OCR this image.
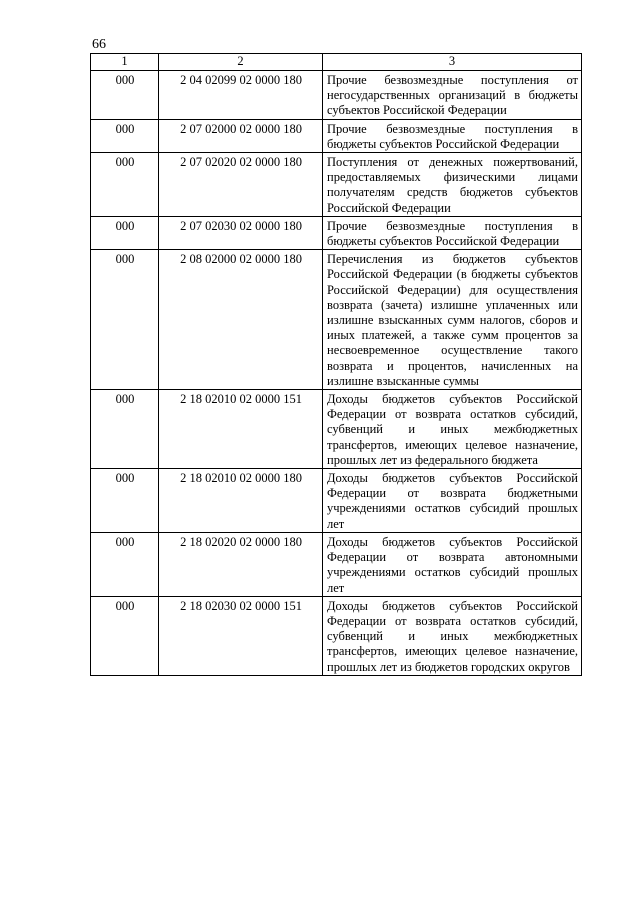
66
1	2	3
000	2 04 02099 02 0000 180	Прочие безвозмездные поступления от негосударственных организаций в бюджеты субъектов Российской Федерации
000	2 07 02000 02 0000 180	Прочие безвозмездные поступления в бюджеты субъектов Российской Федерации
000	2 07 02020 02 0000 180	Поступления от денежных пожертвований, предоставляемых физическими лицами получателям средств бюджетов субъектов Российской Федерации
000	2 07 02030 02 0000 180	Прочие безвозмездные поступления в бюджеты субъектов Российской Федерации
000	2 08 02000 02 0000 180	Перечисления из бюджетов субъектов Российской Федерации (в бюджеты субъектов Российской Федерации) для осуществления возврата (зачета) излишне уплаченных или излишне взысканных сумм налогов, сборов и иных платежей, а также сумм процентов за несвоевременное осуществление такого возврата и процентов, начисленных на излишне взысканные суммы
000	2 18 02010 02 0000 151	Доходы бюджетов субъектов Российской Федерации от возврата остатков субсидий, субвенций и иных межбюджетных трансфертов, имеющих целевое назначение, прошлых лет из федерального бюджета
000	2 18 02010 02 0000 180	Доходы бюджетов субъектов Российской Федерации от возврата бюджетными учреждениями остатков субсидий прошлых лет
000	2 18 02020 02 0000 180	Доходы бюджетов субъектов Российской Федерации от возврата автономными учреждениями остатков субсидий прошлых лет
000	2 18 02030 02 0000 151	Доходы бюджетов субъектов Российской Федерации от возврата остатков субсидий, субвенций и иных межбюджетных трансфертов, имеющих целевое назначение, прошлых лет из бюджетов городских округов
